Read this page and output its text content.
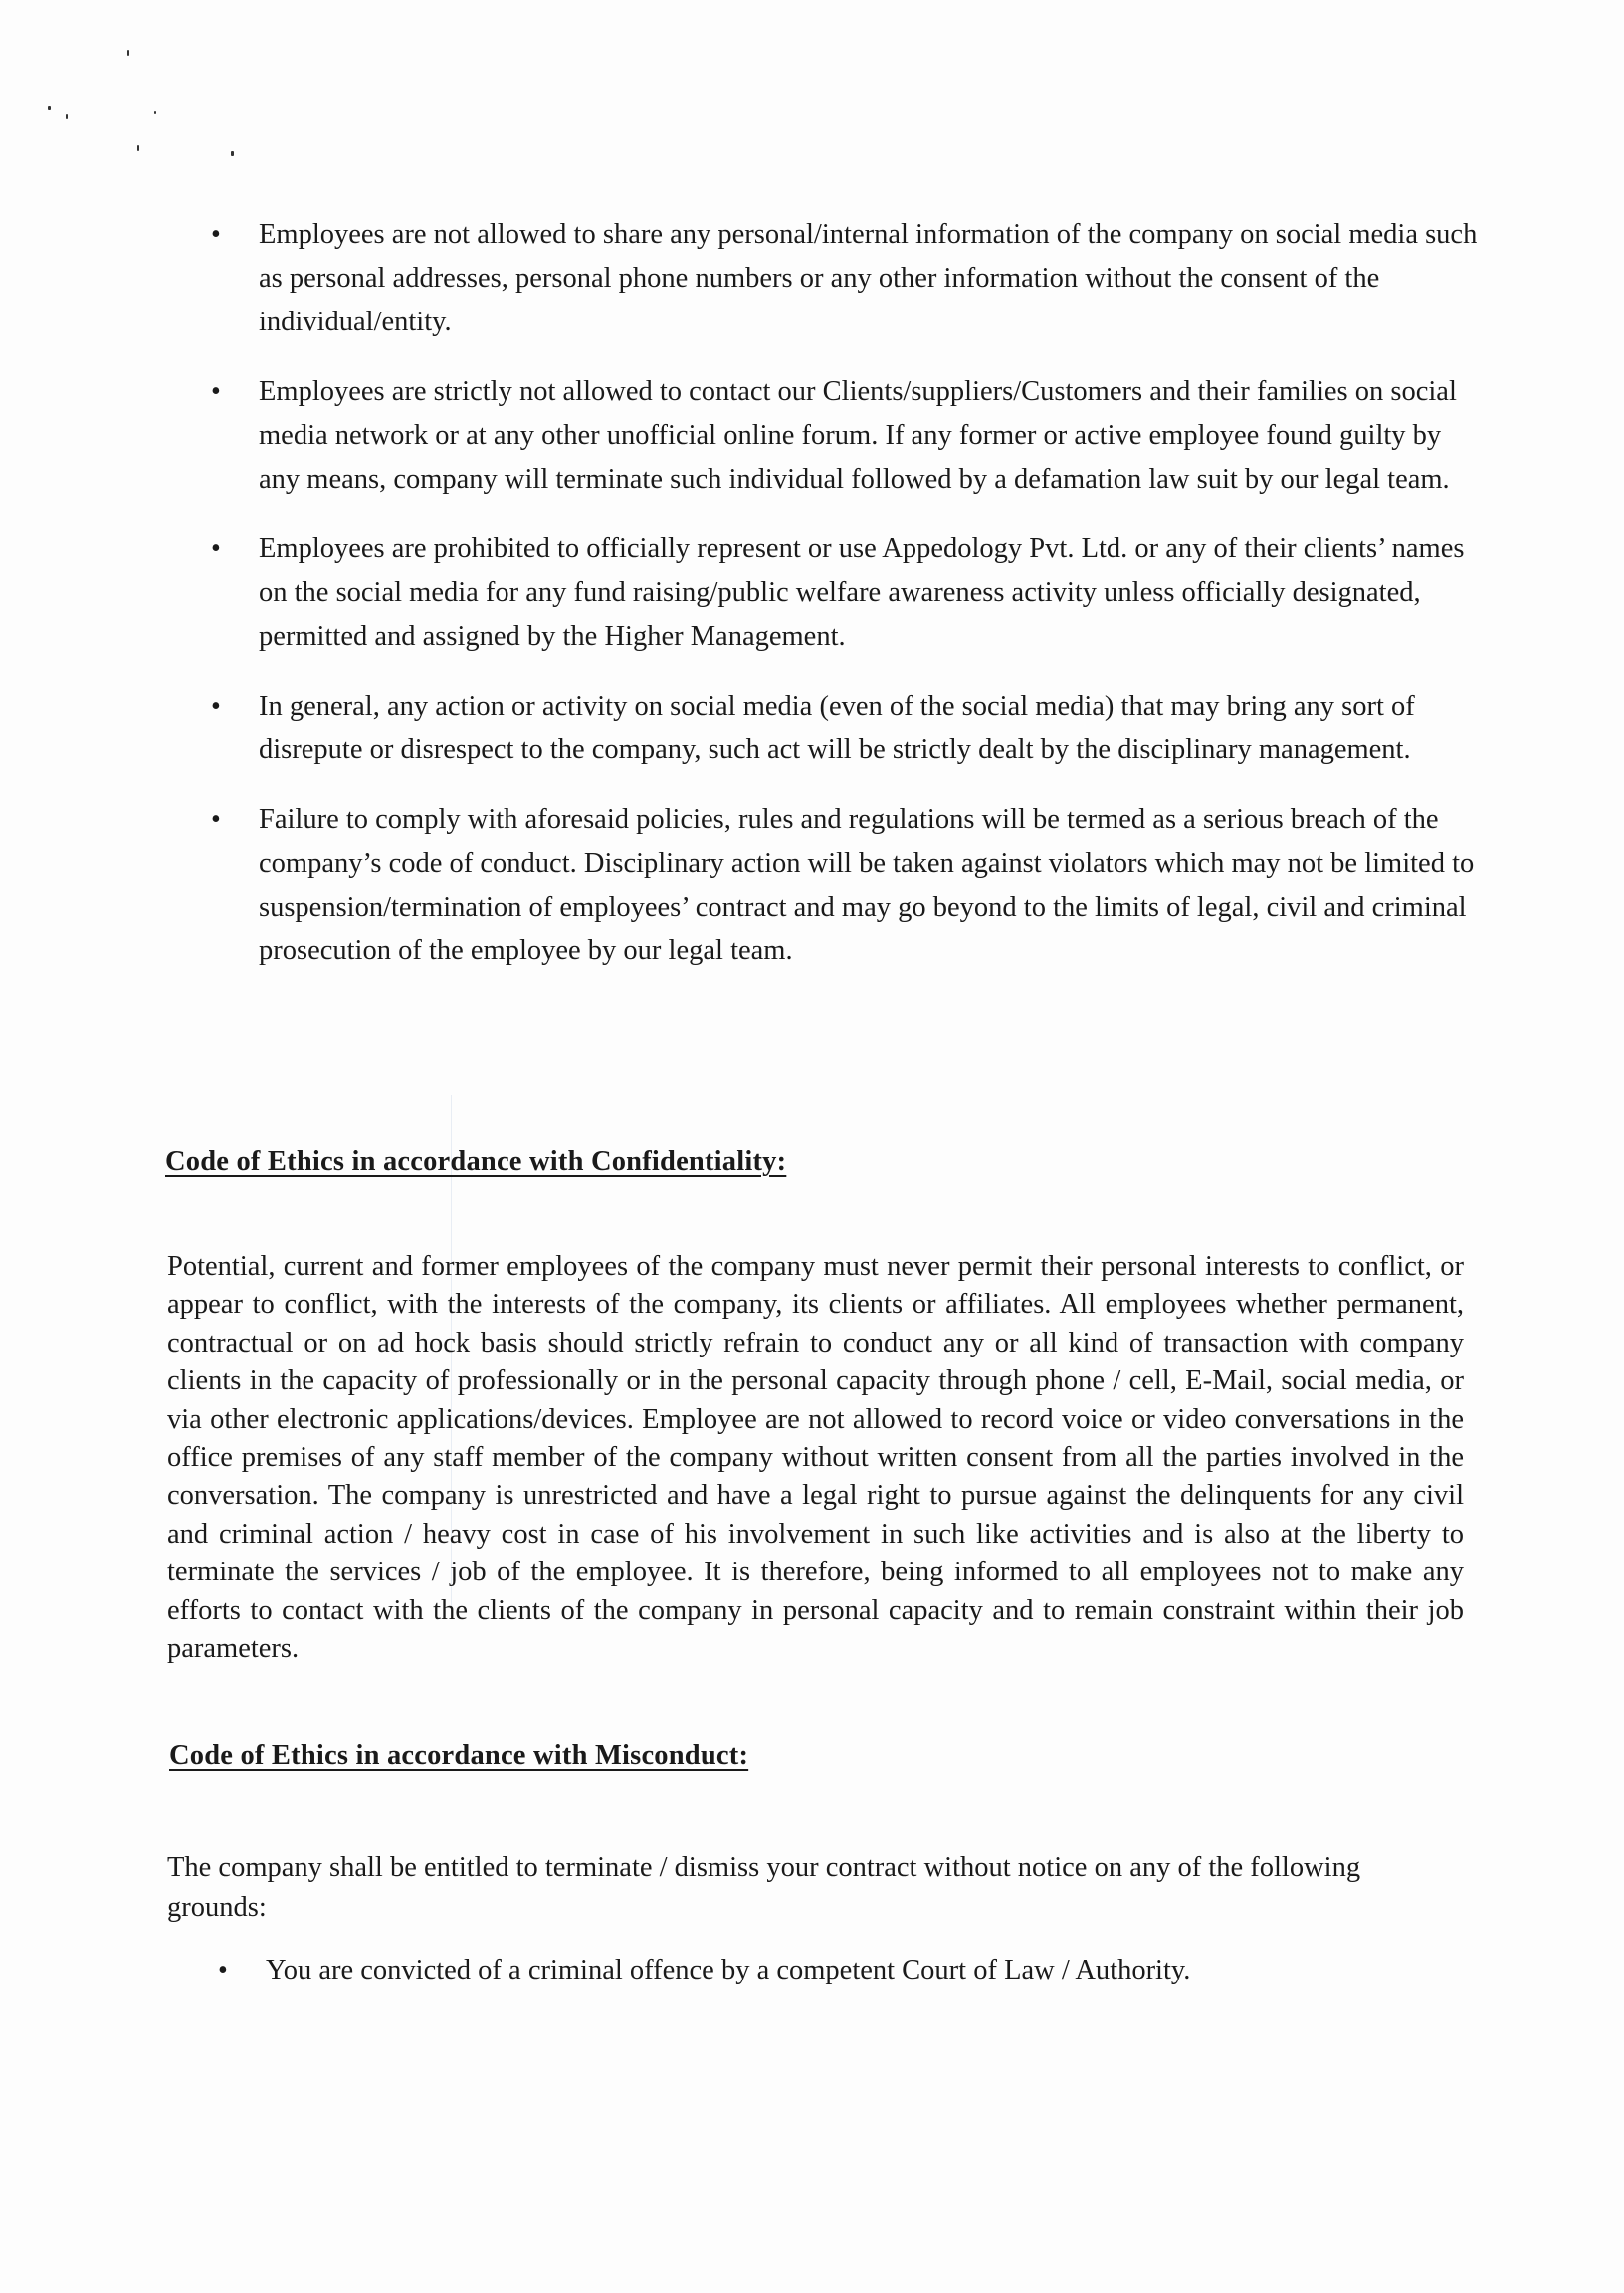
• Employees are not allowed to share any personal/internal information of the company on social media such as personal addresses, personal phone numbers or any other information without the consent of the individual/entity.
• Employees are strictly not allowed to contact our Clients/suppliers/Customers and their families on social media network or at any other unofficial online forum. If any former or active employee found guilty by any means, company will terminate such individual followed by a defamation law suit by our legal team.
• Employees are prohibited to officially represent or use Appedology Pvt. Ltd. or any of their clients’ names on the social media for any fund raising/public welfare awareness activity unless officially designated, permitted and assigned by the Higher Management.
• In general, any action or activity on social media (even of the social media) that may bring any sort of disrepute or disrespect to the company, such act will be strictly dealt by the disciplinary management.
• Failure to comply with aforesaid policies, rules and regulations will be termed as a serious breach of the company’s code of conduct. Disciplinary action will be taken against violators which may not be limited to suspension/termination of employees’ contract and may go beyond to the limits of legal, civil and criminal prosecution of the employee by our legal team.
Code of Ethics in accordance with Confidentiality:
Potential, current and former employees of the company must never permit their personal interests to conflict, or appear to conflict, with the interests of the company, its clients or affiliates. All employees whether permanent, contractual or on ad hock basis should strictly refrain to conduct any or all kind of transaction with company clients in the capacity of professionally or in the personal capacity through phone / cell, E-Mail, social media, or via other electronic applications/devices. Employee are not allowed to record voice or video conversations in the office premises of any staff member of the company without written consent from all the parties involved in the conversation. The company is unrestricted and have a legal right to pursue against the delinquents for any civil and criminal action / heavy cost in case of his involvement in such like activities and is also at the liberty to terminate the services / job of the employee. It is therefore, being informed to all employees not to make any efforts to contact with the clients of the company in personal capacity and to remain constraint within their job parameters.
Code of Ethics in accordance with Misconduct:
The company shall be entitled to terminate / dismiss your contract without notice on any of the following grounds:
• You are convicted of a criminal offence by a competent Court of Law / Authority.
